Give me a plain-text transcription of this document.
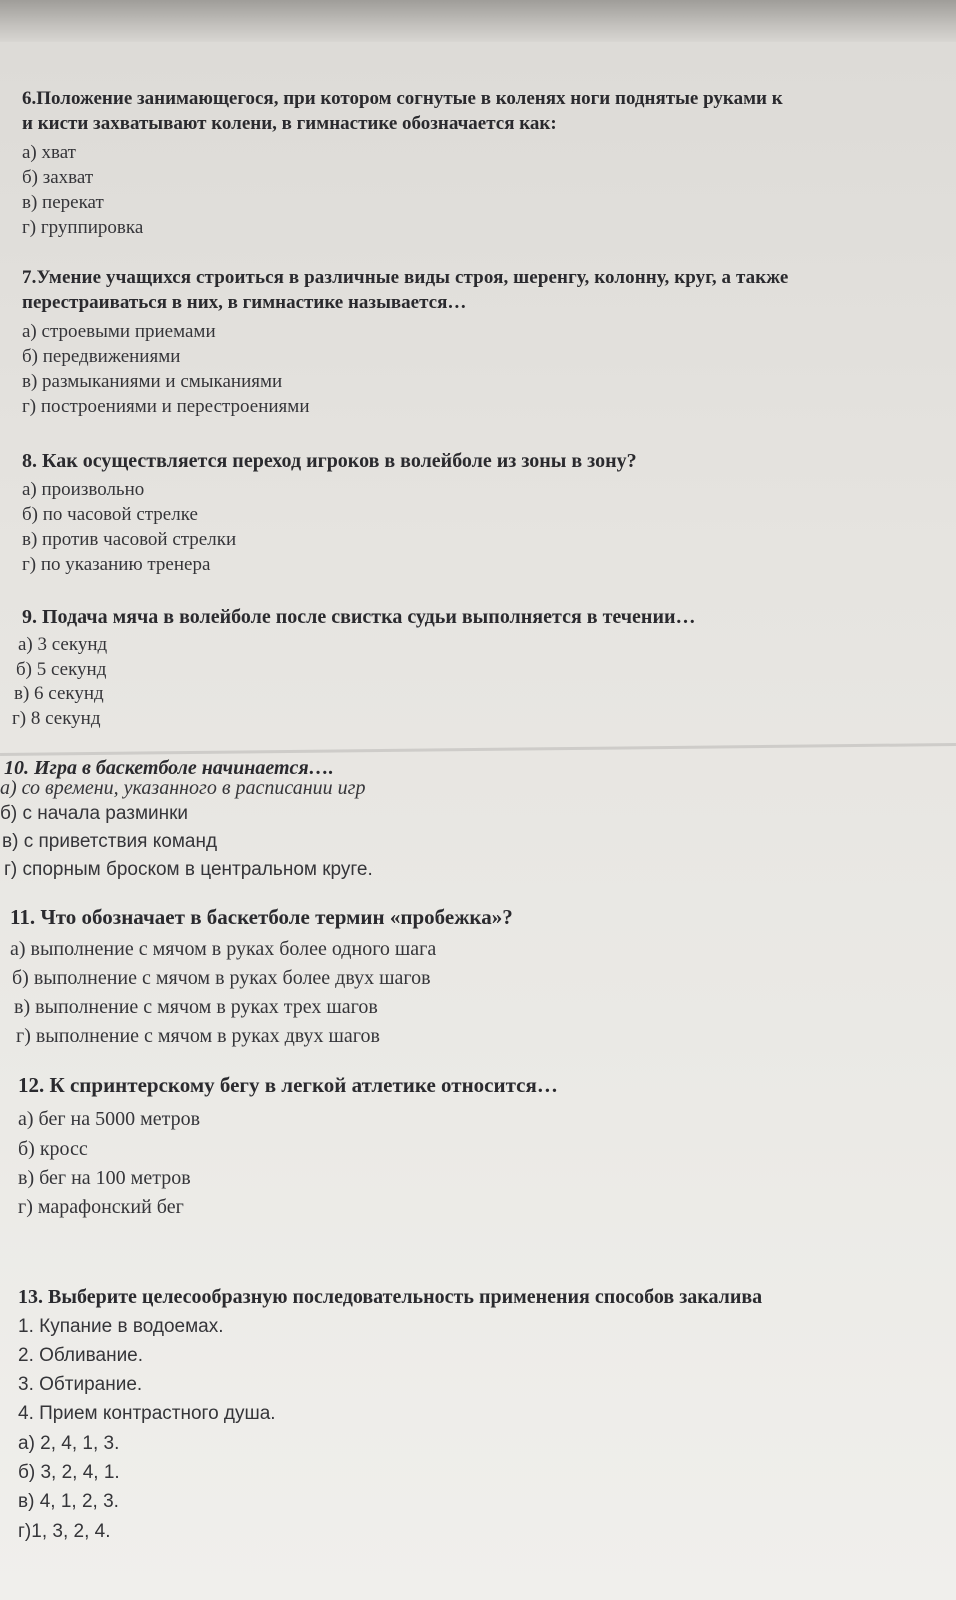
6.Положение занимающегося, при котором согнутые в коленях ноги поднятые руками к
и кисти захватывают колени, в гимнастике обозначается как:
а) хват
б) захват
в) перекат
г) группировка
7.Умение учащихся строиться в различные виды строя, шеренгу, колонну, круг, а также
перестраиваться в них, в гимнастике называется…
а) строевыми приемами
б) передвижениями
в) размыканиями и смыканиями
г) построениями и перестроениями
8. Как осуществляется переход игроков в волейболе из зоны в зону?
а) произвольно
б) по часовой стрелке
в) против часовой стрелки
г) по указанию тренера
9. Подача мяча в волейболе после свистка судьи выполняется в течении…
а) 3 секунд
б) 5 секунд
в) 6 секунд
г) 8 секунд
10. Игра в баскетболе начинается….
а) со времени, указанного в расписании игр
б) с начала разминки
в) с приветствия команд
г) спорным броском в центральном круге.
11. Что обозначает в баскетболе термин «пробежка»?
а) выполнение с мячом в руках более одного шага
б) выполнение с мячом в руках более двух шагов
в) выполнение с мячом в руках трех шагов
г) выполнение с мячом в руках двух шагов
12. К спринтерскому бегу в легкой атлетике относится…
а) бег на 5000 метров
б) кросс
в) бег на 100 метров
г) марафонский бег
13. Выберите целесообразную последовательность применения способов закалива
1. Купание в водоемах.
2. Обливание.
3. Обтирание.
4. Прием контрастного душа.
а) 2, 4, 1, 3.
б) 3, 2, 4, 1.
в) 4, 1, 2, 3.
г)1, 3, 2, 4.
